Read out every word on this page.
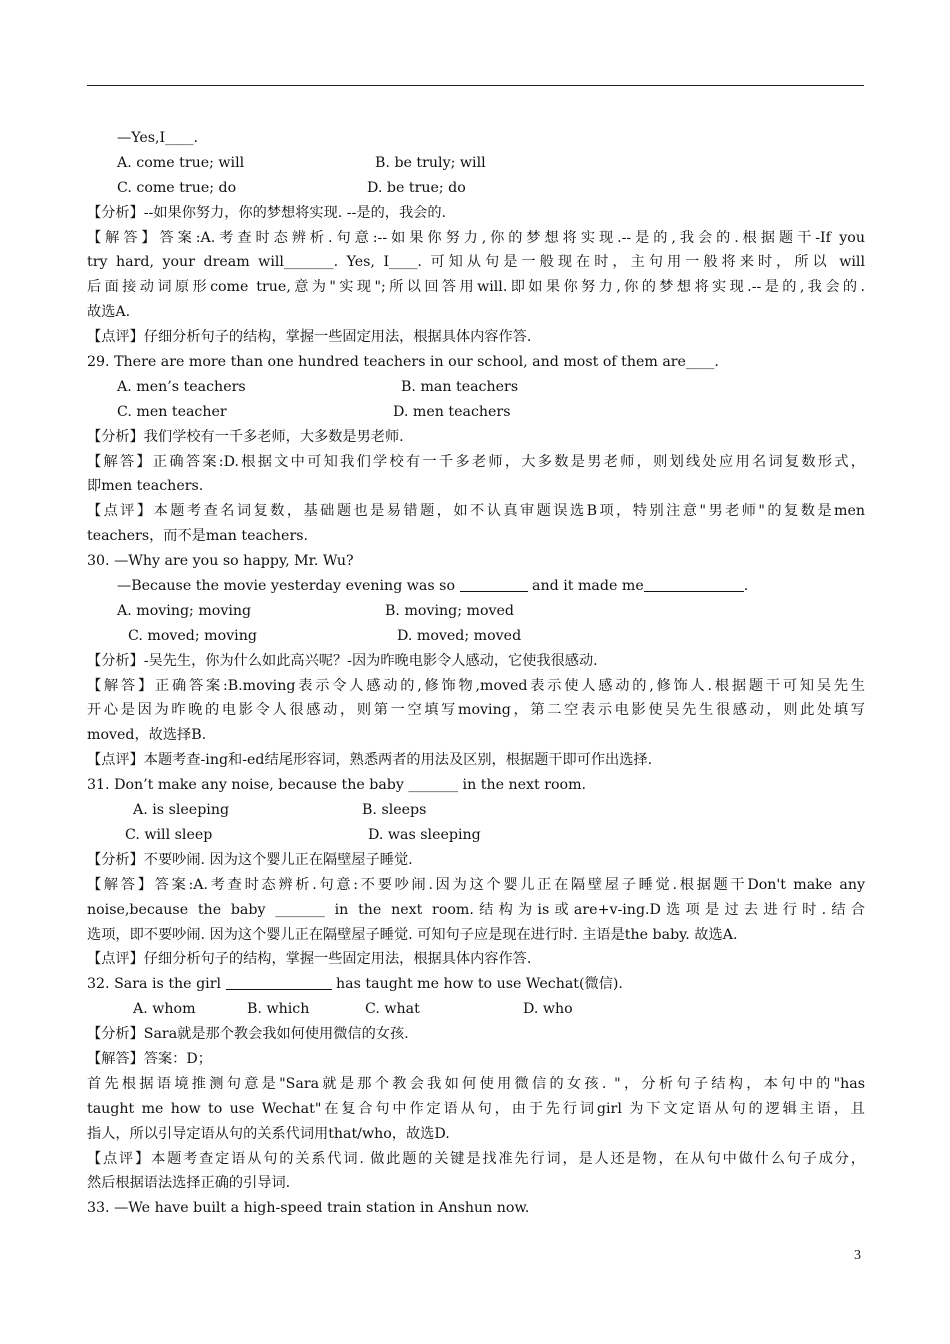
—Yes,I____.
A. come true; will	B. be truly; will
C. come true; do	D. be true; do
【分析】--如果你努力，你的梦想将实现. --是的，我会的.
【解答】答案:A.考查时态辨析.句意:--如果你努力,你的梦想将实现.--是的,我会的.根据题干-If you
try hard, your dream will_______. Yes, I____. 可知从句是一般现在时，主句用一般将来时，所以 will
后面接动词原形come true,意为"实现";所以回答用will.即如果你努力,你的梦想将实现.--是的,我会的.
故选A.
【点评】仔细分析句子的结构，掌握一些固定用法，根据具体内容作答.
29. There are more than one hundred teachers in our school, and most of them are____.
A. men’s teachers	B. man teachers
C. men teacher	D. men teachers
【分析】我们学校有一千多老师，大多数是男老师.
【解答】正确答案:D.根据文中可知我们学校有一千多老师，大多数是男老师，则划线处应用名词复数形式，
即men teachers.
【点评】本题考查名词复数，基础题也是易错题，如不认真审题误选B项，特别注意"男老师"的复数是men
teachers，而不是man teachers.
30. —Why are you so happy, Mr. Wu?
—Because the movie yesterday evening was so	and it made me	.
A. moving; moving	B. moving; moved
C. moved; moving	D. moved; moved
【分析】-吴先生，你为什么如此高兴呢？-因为昨晚电影令人感动，它使我很感动.
【解答】正确答案:B.moving表示令人感动的,修饰物,moved表示使人感动的,修饰人.根据题干可知吴先生
开心是因为昨晚的电影令人很感动，则第一空填写moving，第二空表示电影使吴先生很感动，则此处填写
moved，故选择B.
【点评】本题考查-ing和-ed结尾形容词，熟悉两者的用法及区别，根据题干即可作出选择.
31. Don’t make any noise, because the baby _______ in the next room.
A. is sleeping	B. sleeps
C. will sleep	D. was sleeping
【分析】不要吵闹. 因为这个婴儿正在隔壁屋子睡觉.
【解答】答案:A.考查时态辨析.句意:不要吵闹.因为这个婴儿正在隔壁屋子睡觉.根据题干Don't make any
noise,because the baby _______ in the next room.结构为is或are+v-ing.D选项是过去进行时.结合
选项，即不要吵闹. 因为这个婴儿正在隔壁屋子睡觉. 可知句子应是现在进行时. 主语是the baby. 故选A.
【点评】仔细分析句子的结构，掌握一些固定用法，根据具体内容作答.
32. Sara is the girl	has taught me how to use Wechat(微信).
A. whom	B. which	C. what	D. who
【分析】Sara就是那个教会我如何使用微信的女孩.
【解答】答案：D；
首先根据语境推测句意是"Sara就是那个教会我如何使用微信的女孩. "，分析句子结构，本句中的"has
taught me how to use Wechat"在复合句中作定语从句，由于先行词girl 为下文定语从句的逻辑主语，且
指人，所以引导定语从句的关系代词用that/who，故选D.
【点评】本题考查定语从句的关系代词. 做此题的关键是找准先行词，是人还是物，在从句中做什么句子成分，
然后根据语法选择正确的引导词.
33. —We have built a high-speed train station in Anshun now.
3
